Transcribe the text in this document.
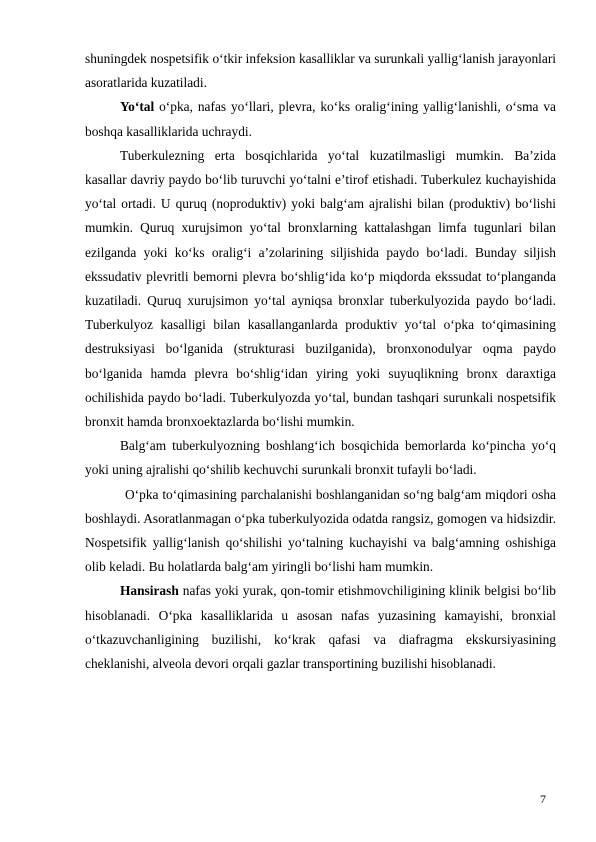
shuningdek nospetsifik oʻtkir infeksion kasalliklar va surunkali yalligʻlanish jarayonlari asoratlarida kuzatiladi.

Yoʻtal oʻpka, nafas yoʻllari, plevra, koʻks oraligʻining yalligʻlanishli, oʻsma va boshqa kasalliklarida uchraydi.

Tuberkulezning erta bosqichlarida yoʻtal kuzatilmasligi mumkin. Baʼzida kasallar davriy paydo boʻlib turuvchi yoʻtalni eʼtirof etishadi. Tuberkulez kuchayishida yoʻtal ortadi. U quruq (noproduktiv) yoki balgʻam ajralishi bilan (produktiv) boʻlishi mumkin. Quruq xurujsimon yoʻtal bronxlarning kattalashgan limfa tugunlari bilan ezilganda yoki koʻks oraligʻi aʼzolarining siljishida paydo boʻladi. Bunday siljish ekssudativ plevritli bemorni plevra boʻshligʻida koʻp miqdorda ekssudat toʻplanganda kuzatiladi. Quruq xurujsimon yoʻtal ayniqsa bronxlar tuberkulyozida paydo boʻladi. Tuberkulyoz kasalligi bilan kasallanganlarda produktiv yoʻtal oʻpka toʻqimasining destruksiyasi boʻlganida (strukturasi buzilganida), bronxonodulyar oqma paydo boʻlganida hamda plevra boʻshligʻidan yiring yoki suyuqlikning bronx daraxtiga ochilishida paydo boʻladi. Tuberkulyozda yoʻtal, bundan tashqari surunkali nospetsifik bronxit hamda bronxoektazlarda boʻlishi mumkin.

Balgʻam tuberkulyozning boshlangʻich bosqichida bemorlarda koʻpincha yoʻq yoki uning ajralishi qoʻshilib kechuvchi surunkali bronxit tufayli boʻladi.

Oʻpka toʻqimasining parchalanishi boshlanganidan soʻng balgʻam miqdori osha boshlaydi. Asoratlanmagan oʻpka tuberkulyozida odatda rangsiz, gomogen va hidsizdir. Nospetsifik yalligʻlanish qoʻshilishi yoʻtalning kuchayishi va balgʻamning oshishiga olib keladi. Bu holatlarda balgʻam yiringli boʻlishi ham mumkin.

Hansirash nafas yoki yurak, qon-tomir etishmovchiligining klinik belgisi boʻlib hisoblanadi. Oʻpka kasalliklarida u asosan nafas yuzasining kamayishi, bronxial oʻtkazuvchanligining buzilishi, koʻkrak qafasi va diafragma ekskursiyasining cheklanishi, alveola devori orqali gazlar transportining buzilishi hisoblanadi.

7
